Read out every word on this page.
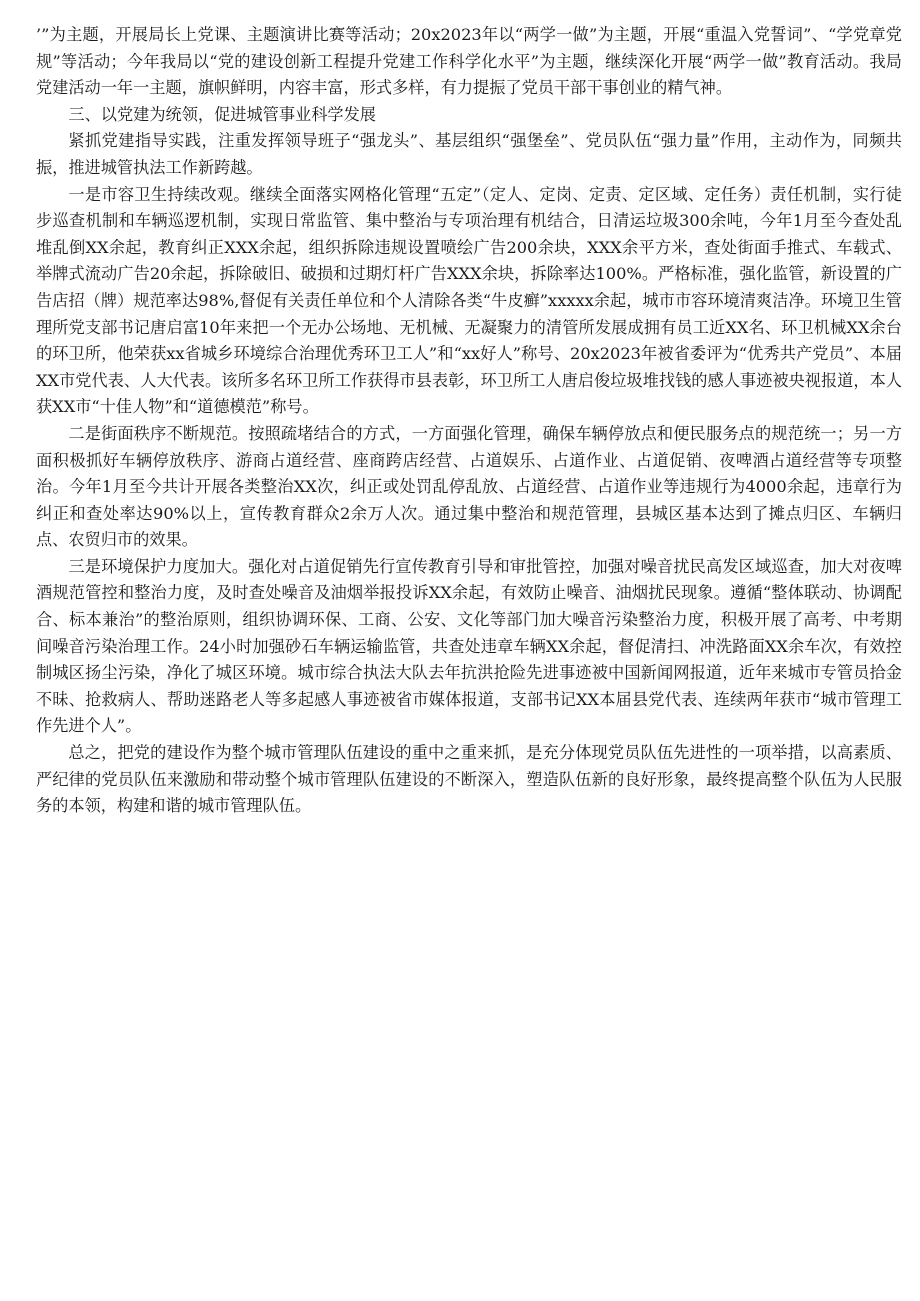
’”为主题，开展局长上党课、主题演讲比赛等活动；20x2023年以“两学一做”为主题，开展“重温入党誓词”、“学党章党规”等活动；今年我局以“党的建设创新工程提升党建工作科学化水平”为主题，继续深化开展“两学一做”教育活动。我局党建活动一年一主题，旗帜鲜明，内容丰富，形式多样，有力提振了党员干部干事创业的精气神。

三、以党建为统领，促进城管事业科学发展

紧抓党建指导实践，注重发挥领导班子“强龙头”、基层组织“强堡垒”、党员队伍“强力量”作用，主动作为，同频共振，推进城管执法工作新跨越。

一是市容卫生持续改观。继续全面落实网格化管理“五定”（定人、定岗、定责、定区域、定任务）责任机制，实行徒步巡查机制和车辆巡逻机制，实现日常监管、集中整治与专项治理有机结合，日清运垃圾300余吨，今年1月至今查处乱堆乱倒XX余起，教育纠正XXX余起，组织拆除违规设置喷绘广告200余块，XXX余平方米，查处街面手推式、车载式、举牌式流动广告20余起，拆除破旧、破损和过期灯杆广告XXX余块，拆除率达100%。严格标准，强化监管，新设置的广告店招（牌）规范率达98%,督促有关责任单位和个人清除各类“牛皮癣”xxxxx余起，城市市容环境清爽洁净。环境卫生管理所党支部书记唐启富10年来把一个无办公场地、无机械、无凝聚力的清管所发展成拥有员工近XX名、环卫机械XX余台的环卫所，他荣获xx省城乡环境综合治理优秀环卫工人”和“xx好人”称号、20x2023年被省委评为“优秀共产党员”、本届XX市党代表、人大代表。该所多名环卫所工作获得市县表彰，环卫所工人唐启俊垃圾堆找钱的感人事迹被央视报道，本人获XX市“十佳人物”和“道德模范”称号。

二是街面秩序不断规范。按照疏堵结合的方式，一方面强化管理，确保车辆停放点和便民服务点的规范统一；另一方面积极抓好车辆停放秩序、游商占道经营、座商跨店经营、占道娱乐、占道作业、占道促销、夜啤酒占道经营等专项整治。今年1月至今共计开展各类整治XX次，纠正或处罚乱停乱放、占道经营、占道作业等违规行为4000余起，违章行为纠正和查处率达90%以上，宣传教育群众2余万人次。通过集中整治和规范管理，县城区基本达到了摊点归区、车辆归点、农贸归市的效果。

三是环境保护力度加大。强化对占道促销先行宣传教育引导和审批管控，加强对噪音扰民高发区域巡查，加大对夜啤酒规范管控和整治力度，及时查处噪音及油烟举报投诉XX余起，有效防止噪音、油烟扰民现象。遵循“整体联动、协调配合、标本兼治”的整治原则，组织协调环保、工商、公安、文化等部门加大噪音污染整治力度，积极开展了高考、中考期间噪音污染治理工作。24小时加强砂石车辆运输监管，共查处违章车辆XX余起，督促清扫、冲洗路面XX余车次，有效控制城区扬尘污染，净化了城区环境。城市综合执法大队去年抗洪抢险先进事迹被中国新闻网报道，近年来城市专管员拾金不昧、抢救病人、帮助迷路老人等多起感人事迹被省市媒体报道，支部书记XX本届县党代表、连续两年获市“城市管理工作先进个人”。

总之，把党的建设作为整个城市管理队伍建设的重中之重来抓，是充分体现党员队伍先进性的一项举措，以高素质、严纪律的党员队伍来激励和带动整个城市管理队伍建设的不断深入，塑造队伍新的良好形象，最终提高整个队伍为人民服务的本领，构建和谐的城市管理队伍。
